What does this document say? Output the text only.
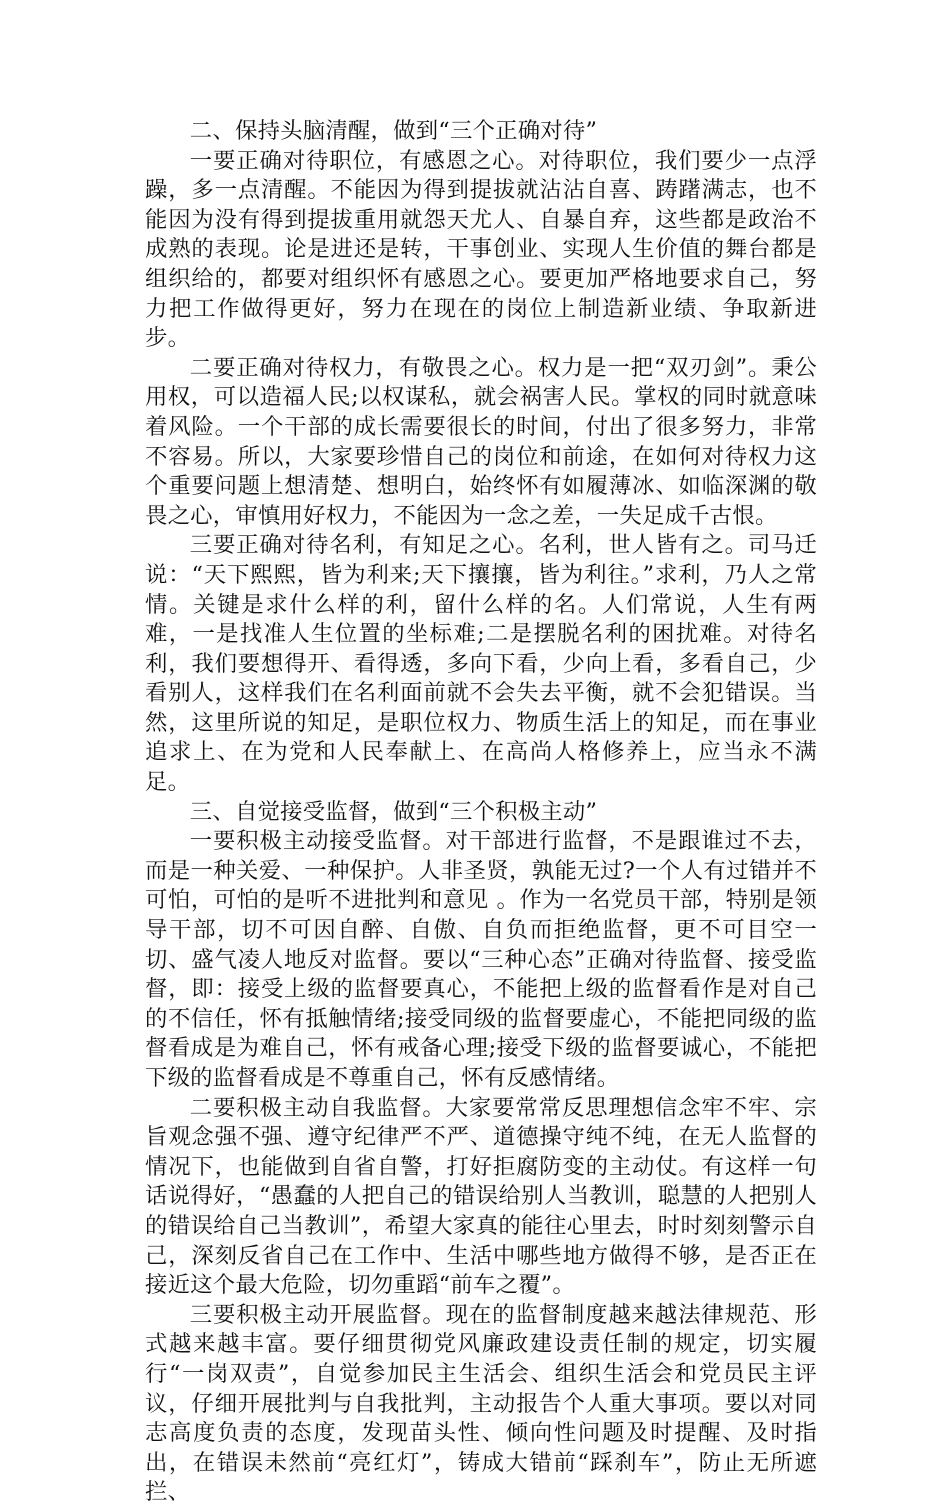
二、保持头脑清醒，做到“三个正确对待”

一要正确对待职位，有感恩之心。对待职位，我们要少一点浮躁，多一点清醒。不能因为得到提拔就沾沾自喜、踌躇满志，也不能因为没有得到提拔重用就怨天尤人、自暴自弃，这些都是政治不成熟的表现。论是进还是转，干事创业、实现人生价值的舞台都是组织给的，都要对组织怀有感恩之心。要更加严格地要求自己，努力把工作做得更好，努力在现在的岗位上制造新业绩、争取新进步。

二要正确对待权力，有敬畏之心。权力是一把“双刃剑”。秉公用权，可以造福人民;以权谋私，就会祸害人民。掌权的同时就意味着风险。一个干部的成长需要很长的时间，付出了很多努力，非常不容易。所以，大家要珍惜自己的岗位和前途，在如何对待权力这个重要问题上想清楚、想明白，始终怀有如履薄冰、如临深渊的敬畏之心，审慎用好权力，不能因为一念之差，一失足成千古恨。

三要正确对待名利，有知足之心。名利，世人皆有之。司马迁说：“天下熙熙，皆为利来;天下攘攘，皆为利往。”求利，乃人之常情。关键是求什么样的利，留什么样的名。人们常说，人生有两难，一是找准人生位置的坐标难;二是摆脱名利的困扰难。对待名利，我们要想得开、看得透，多向下看，少向上看，多看自己，少看别人，这样我们在名利面前就不会失去平衡，就不会犯错误。当然，这里所说的知足，是职位权力、物质生活上的知足，而在事业追求上、在为党和人民奉献上、在高尚人格修养上，应当永不满足。

三、自觉接受监督，做到“三个积极主动”

一要积极主动接受监督。对干部进行监督，不是跟谁过不去，而是一种关爱、一种保护。人非圣贤，孰能无过?一个人有过错并不可怕，可怕的是听不进批判和意见 。作为一名党员干部，特别是领导干部，切不可因自醉、自傲、自负而拒绝监督，更不可目空一切、盛气凌人地反对监督。要以“三种心态”正确对待监督、接受监督，即：接受上级的监督要真心，不能把上级的监督看作是对自己的不信任，怀有抵触情绪;接受同级的监督要虚心，不能把同级的监督看成是为难自己，怀有戒备心理;接受下级的监督要诚心，不能把下级的监督看成是不尊重自己，怀有反感情绪。

二要积极主动自我监督。大家要常常反思理想信念牢不牢、宗旨观念强不强、遵守纪律严不严、道德操守纯不纯，在无人监督的情况下，也能做到自省自警，打好拒腐防变的主动仗。有这样一句话说得好，“愚蠢的人把自己的错误给别人当教训，聪慧的人把别人的错误给自己当教训”，希望大家真的能往心里去，时时刻刻警示自己，深刻反省自己在工作中、生活中哪些地方做得不够，是否正在接近这个最大危险，切勿重蹈“前车之覆”。

三要积极主动开展监督。现在的监督制度越来越法律规范、形式越来越丰富。要仔细贯彻党风廉政建设责任制的规定，切实履行“一岗双责”，自觉参加民主生活会、组织生活会和党员民主评议，仔细开展批判与自我批判，主动报告个人重大事项。要以对同志高度负责的态度，发现苗头性、倾向性问题及时提醒、及时指出，在错误未然前“亮红灯”，铸成大错前“踩刹车”，防止无所遮拦、
